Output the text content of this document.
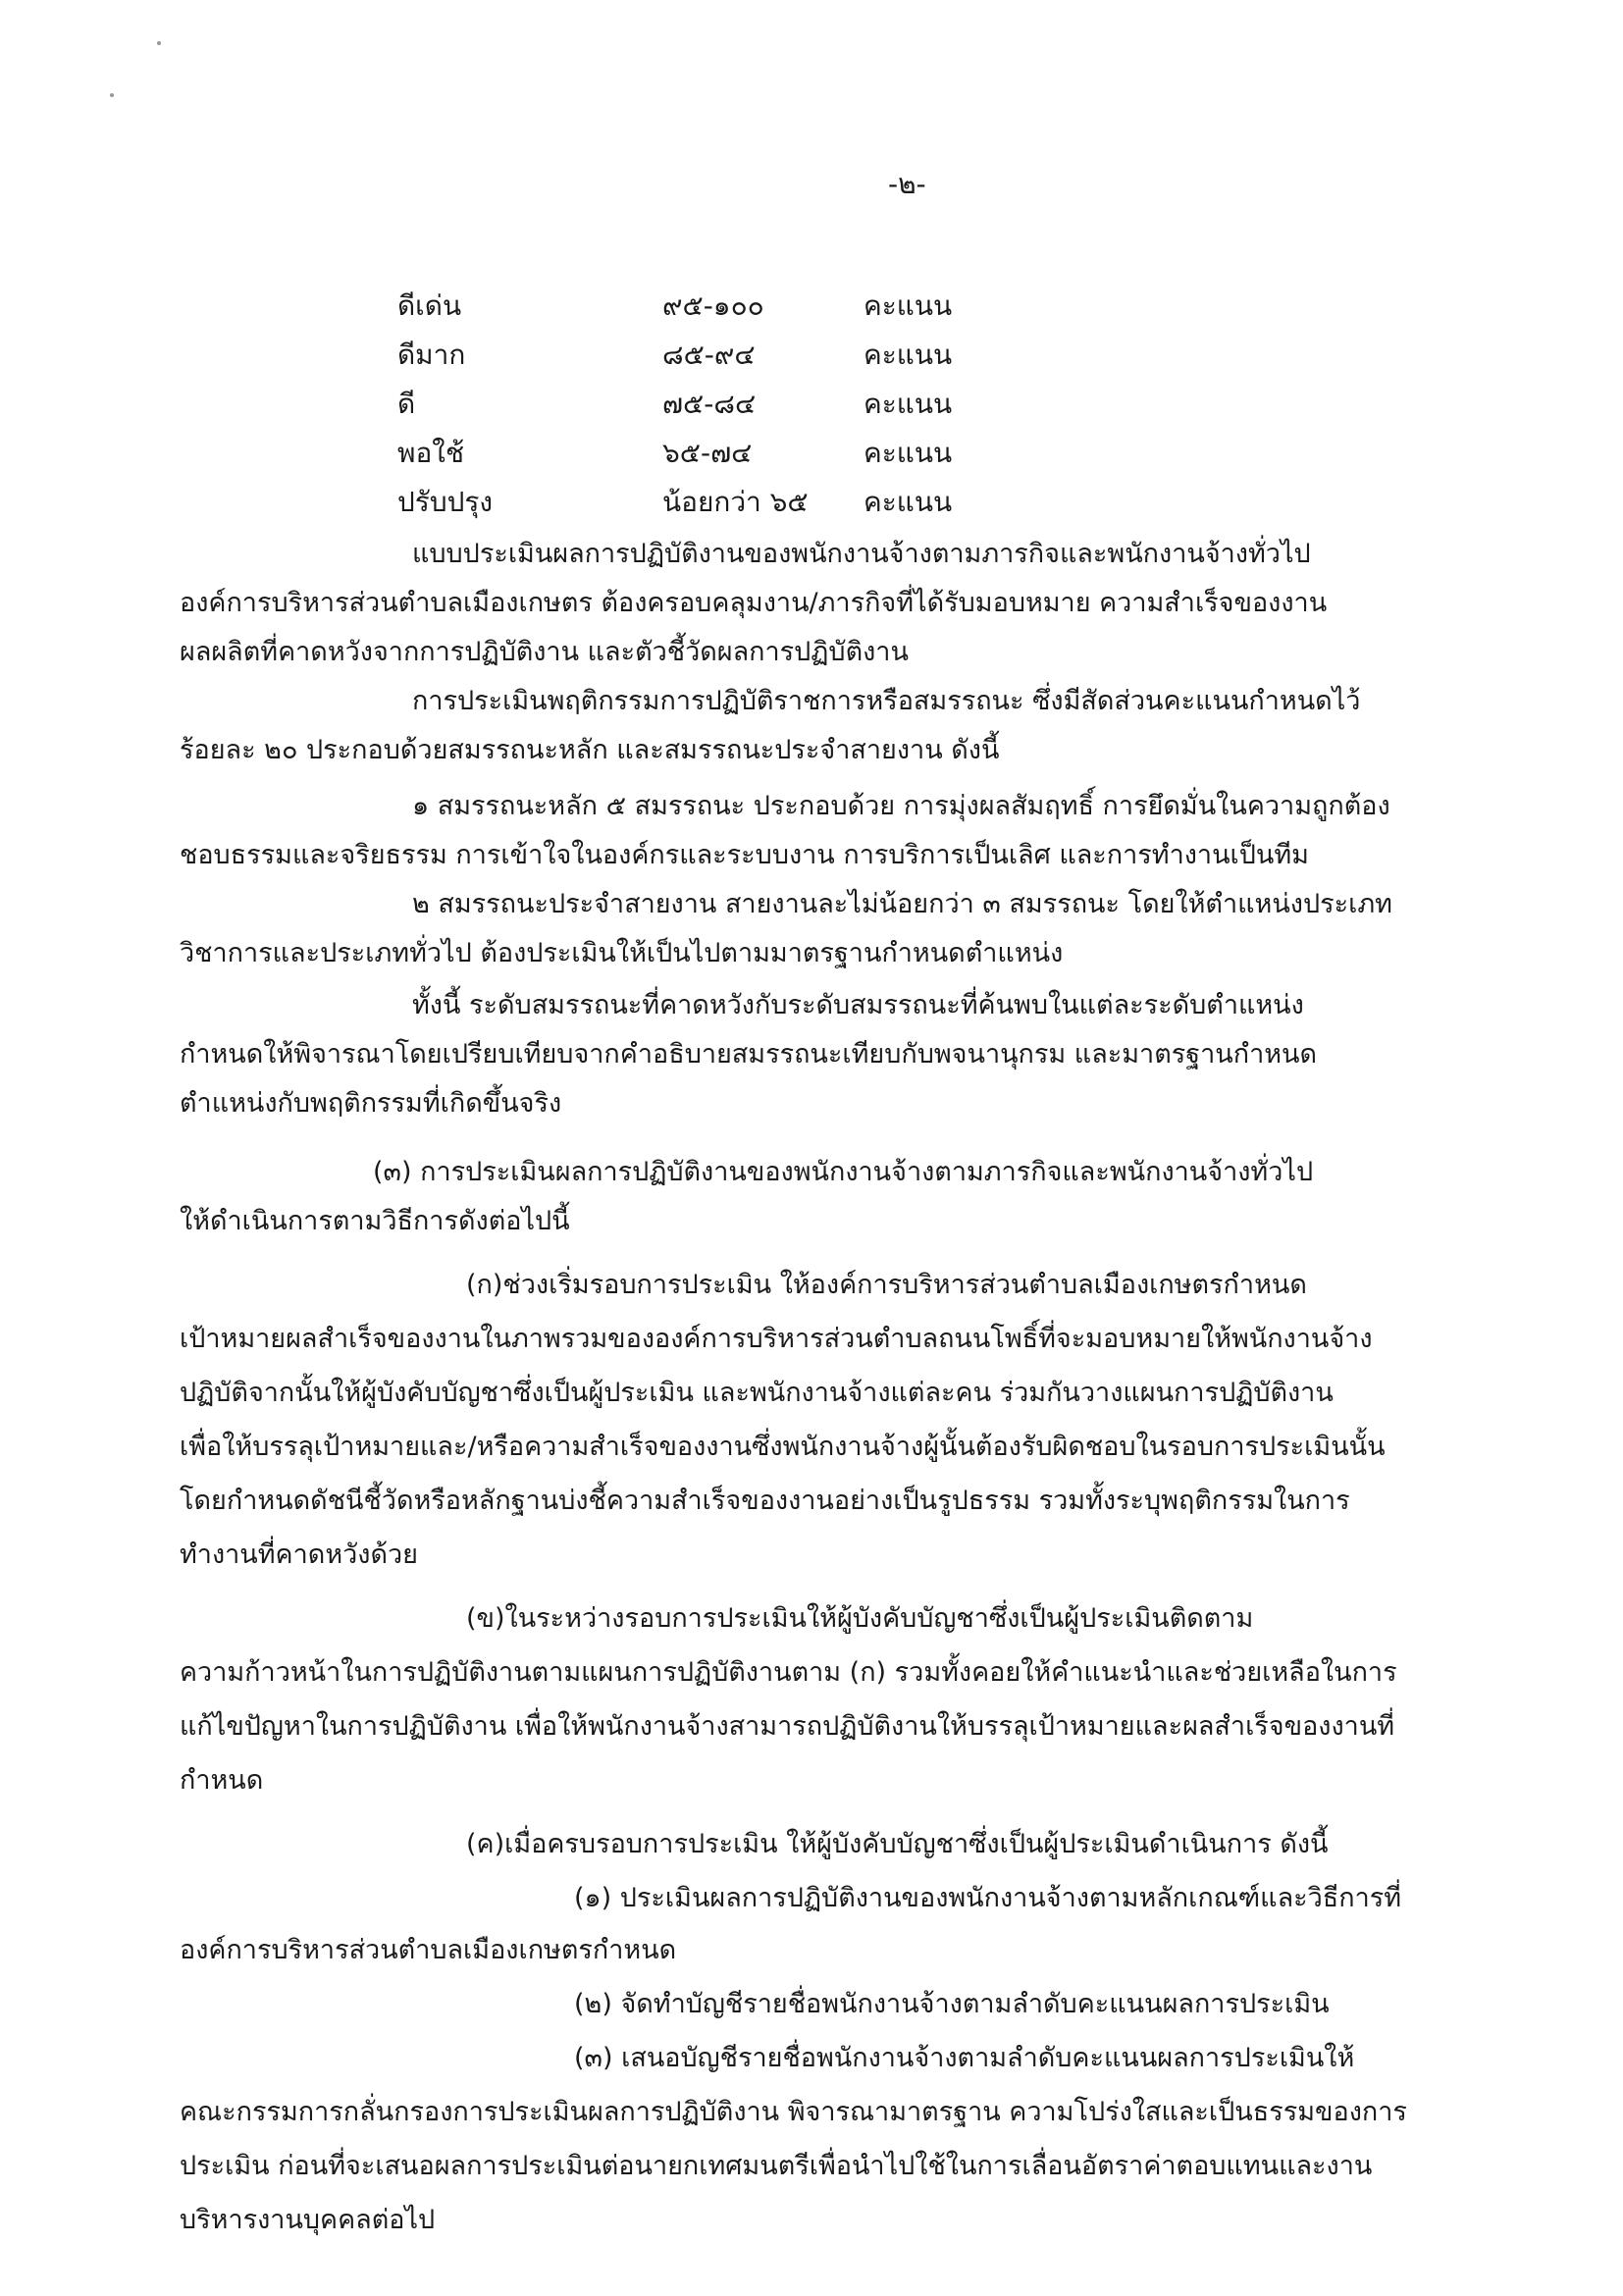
-๒-
ดีเด่น	๙๕-๑๐๐	คะแนน
ดีมาก	๘๕-๙๔	คะแนน
ดี	๗๕-๘๔	คะแนน
พอใช้	๖๕-๗๔	คะแนน
ปรับปรุง	น้อยกว่า ๖๕	คะแนน
แบบประเมินผลการปฏิบัติงานของพนักงานจ้างตามภารกิจและพนักงานจ้างทั่วไป
องค์การบริหารส่วนตำบลเมืองเกษตร ต้องครอบคลุมงาน/ภารกิจที่ได้รับมอบหมาย ความสำเร็จของงาน
ผลผลิตที่คาดหวังจากการปฏิบัติงาน และตัวชี้วัดผลการปฏิบัติงาน
การประเมินพฤติกรรมการปฏิบัติราชการหรือสมรรถนะ ซึ่งมีสัดส่วนคะแนนกำหนดไว้
ร้อยละ ๒๐ ประกอบด้วยสมรรถนะหลัก และสมรรถนะประจำสายงาน ดังนี้
๑ สมรรถนะหลัก ๕ สมรรถนะ ประกอบด้วย การมุ่งผลสัมฤทธิ์ การยึดมั่นในความถูกต้อง
ชอบธรรมและจริยธรรม การเข้าใจในองค์กรและระบบงาน การบริการเป็นเลิศ และการทำงานเป็นทีม
๒ สมรรถนะประจำสายงาน สายงานละไม่น้อยกว่า ๓ สมรรถนะ โดยให้ตำแหน่งประเภท
วิชาการและประเภททั่วไป ต้องประเมินให้เป็นไปตามมาตรฐานกำหนดตำแหน่ง
ทั้งนี้ ระดับสมรรถนะที่คาดหวังกับระดับสมรรถนะที่ค้นพบในแต่ละระดับตำแหน่ง
กำหนดให้พิจารณาโดยเปรียบเทียบจากคำอธิบายสมรรถนะเทียบกับพจนานุกรม และมาตรฐานกำหนด
ตำแหน่งกับพฤติกรรมที่เกิดขึ้นจริง
(๓) การประเมินผลการปฏิบัติงานของพนักงานจ้างตามภารกิจและพนักงานจ้างทั่วไป
ให้ดำเนินการตามวิธีการดังต่อไปนี้
(ก)ช่วงเริ่มรอบการประเมิน ให้องค์การบริหารส่วนตำบลเมืองเกษตรกำหนด
เป้าหมายผลสำเร็จของงานในภาพรวมขององค์การบริหารส่วนตำบลถนนโพธิ์ที่จะมอบหมายให้พนักงานจ้าง
ปฏิบัติจากนั้นให้ผู้บังคับบัญชาซึ่งเป็นผู้ประเมิน และพนักงานจ้างแต่ละคน ร่วมกันวางแผนการปฏิบัติงาน
เพื่อให้บรรลุเป้าหมายและ/หรือความสำเร็จของงานซึ่งพนักงานจ้างผู้นั้นต้องรับผิดชอบในรอบการประเมินนั้น
โดยกำหนดดัชนีชี้วัดหรือหลักฐานบ่งชี้ความสำเร็จของงานอย่างเป็นรูปธรรม รวมทั้งระบุพฤติกรรมในการ
ทำงานที่คาดหวังด้วย
(ข)ในระหว่างรอบการประเมินให้ผู้บังคับบัญชาซึ่งเป็นผู้ประเมินติดตาม
ความก้าวหน้าในการปฏิบัติงานตามแผนการปฏิบัติงานตาม (ก) รวมทั้งคอยให้คำแนะนำและช่วยเหลือในการ
แก้ไขปัญหาในการปฏิบัติงาน เพื่อให้พนักงานจ้างสามารถปฏิบัติงานให้บรรลุเป้าหมายและผลสำเร็จของงานที่
กำหนด
(ค)เมื่อครบรอบการประเมิน ให้ผู้บังคับบัญชาซึ่งเป็นผู้ประเมินดำเนินการ ดังนี้
(๑) ประเมินผลการปฏิบัติงานของพนักงานจ้างตามหลักเกณฑ์และวิธีการที่
องค์การบริหารส่วนตำบลเมืองเกษตรกำหนด
(๒) จัดทำบัญชีรายชื่อพนักงานจ้างตามลำดับคะแนนผลการประเมิน
(๓) เสนอบัญชีรายชื่อพนักงานจ้างตามลำดับคะแนนผลการประเมินให้
คณะกรรมการกลั่นกรองการประเมินผลการปฏิบัติงาน พิจารณามาตรฐาน ความโปร่งใสและเป็นธรรมของการ
ประเมิน ก่อนที่จะเสนอผลการประเมินต่อนายกเทศมนตรีเพื่อนำไปใช้ในการเลื่อนอัตราค่าตอบแทนและงาน
บริหารงานบุคคลต่อไป
